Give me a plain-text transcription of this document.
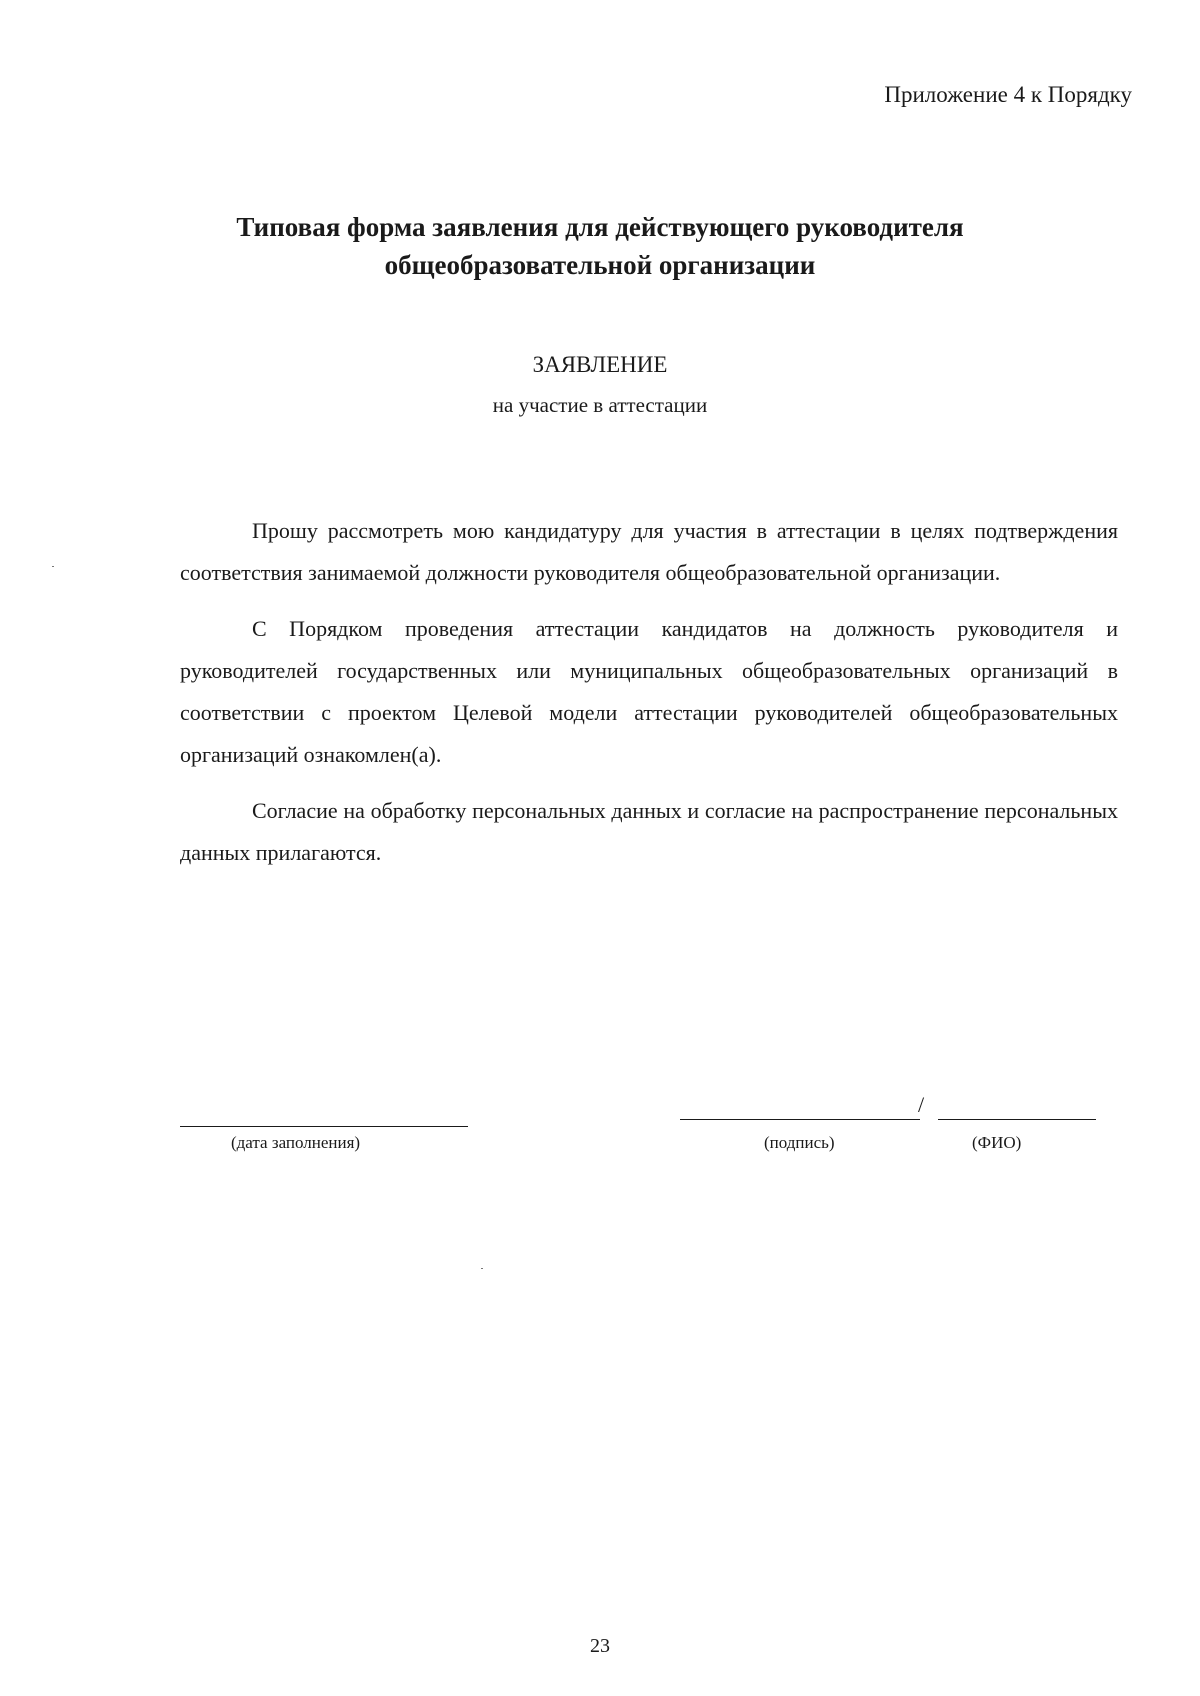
Приложение 4 к Порядку
Типовая форма заявления для действующего руководителя
общеобразовательной организации
ЗАЯВЛЕНИЕ
на участие в аттестации

Прошу рассмотреть мою кандидатуру для участия в аттестации в целях подтверждения соответствия занимаемой должности руководителя общеобразовательной организации.

С Порядком проведения аттестации кандидатов на должность руководителя и руководителей государственных или муниципальных общеобразовательных организаций в соответствии с проектом Целевой модели аттестации руководителей общеобразовательных организаций ознакомлен(а).

Согласие на обработку персональных данных и согласие на распространение персональных данных прилагаются.

/
(дата заполнения)	(подпись)	(ФИО)
23
